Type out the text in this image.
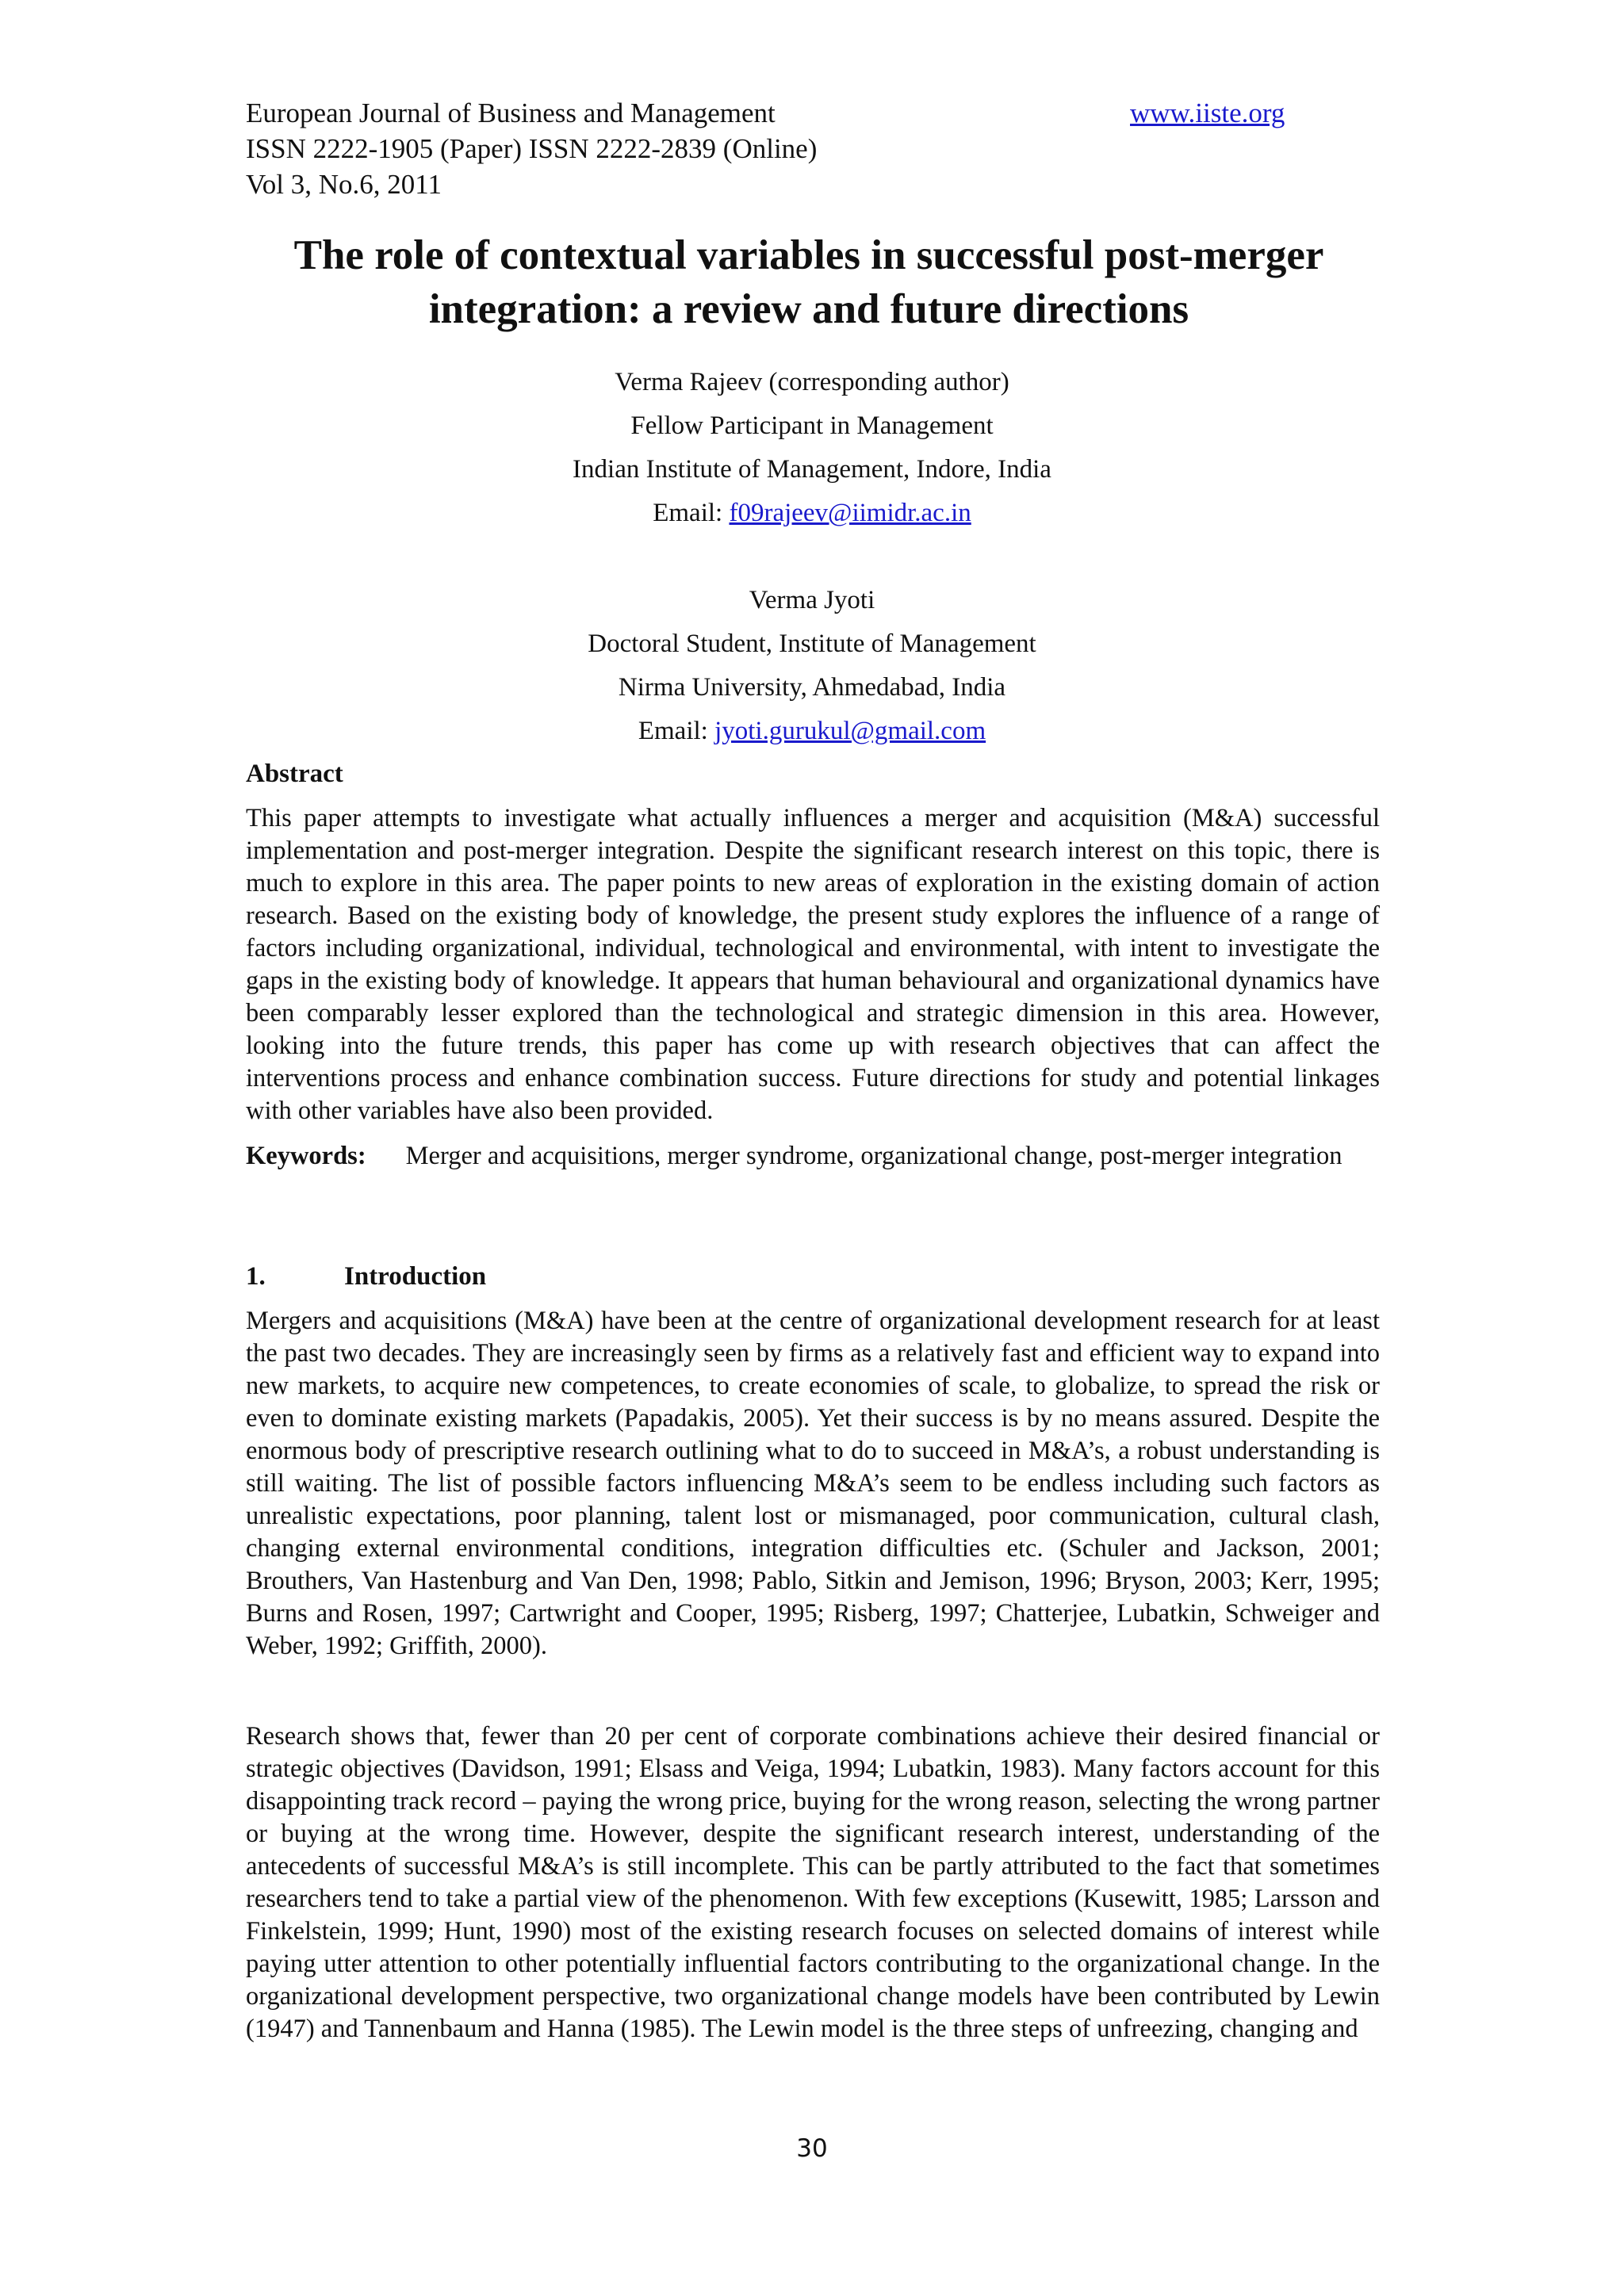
European Journal of Business and Management	www.iiste.org
ISSN 2222-1905 (Paper) ISSN 2222-2839 (Online)
Vol 3, No.6, 2011
The role of contextual variables in successful post-merger integration: a review and future directions
Verma Rajeev (corresponding author)
Fellow Participant in Management
Indian Institute of Management, Indore, India
Email: f09rajeev@iimidr.ac.in
Verma Jyoti
Doctoral Student, Institute of Management
Nirma University, Ahmedabad, India
Email: jyoti.gurukul@gmail.com
Abstract
This paper attempts to investigate what actually influences a merger and acquisition (M&A) successful implementation and post-merger integration. Despite the significant research interest on this topic, there is much to explore in this area. The paper points to new areas of exploration in the existing domain of action research. Based on the existing body of knowledge, the present study explores the influence of a range of factors including organizational, individual, technological and environmental, with intent to investigate the gaps in the existing body of knowledge. It appears that human behavioural and organizational dynamics have been comparably lesser explored than the technological and strategic dimension in this area. However, looking into the future trends, this paper has come up with research objectives that can affect the interventions process and enhance combination success. Future directions for study and potential linkages with other variables have also been provided.
Keywords: Merger and acquisitions, merger syndrome, organizational change, post-merger integration
1.	Introduction
Mergers and acquisitions (M&A) have been at the centre of organizational development research for at least the past two decades. They are increasingly seen by firms as a relatively fast and efficient way to expand into new markets, to acquire new competences, to create economies of scale, to globalize, to spread the risk or even to dominate existing markets (Papadakis, 2005). Yet their success is by no means assured. Despite the enormous body of prescriptive research outlining what to do to succeed in M&A’s, a robust understanding is still waiting. The list of possible factors influencing M&A’s seem to be endless including such factors as unrealistic expectations, poor planning, talent lost or mismanaged, poor communication, cultural clash, changing external environmental conditions, integration difficulties etc. (Schuler and Jackson, 2001; Brouthers, Van Hastenburg and Van Den, 1998; Pablo, Sitkin and Jemison, 1996; Bryson, 2003; Kerr, 1995; Burns and Rosen, 1997; Cartwright and Cooper, 1995; Risberg, 1997; Chatterjee, Lubatkin, Schweiger and Weber, 1992; Griffith, 2000).
Research shows that, fewer than 20 per cent of corporate combinations achieve their desired financial or strategic objectives (Davidson, 1991; Elsass and Veiga, 1994; Lubatkin, 1983). Many factors account for this disappointing track record – paying the wrong price, buying for the wrong reason, selecting the wrong partner or buying at the wrong time. However, despite the significant research interest, understanding of the antecedents of successful M&A’s is still incomplete. This can be partly attributed to the fact that sometimes researchers tend to take a partial view of the phenomenon. With few exceptions (Kusewitt, 1985; Larsson and Finkelstein, 1999; Hunt, 1990) most of the existing research focuses on selected domains of interest while paying utter attention to other potentially influential factors contributing to the organizational change. In the organizational development perspective, two organizational change models have been contributed by Lewin (1947) and Tannenbaum and Hanna (1985). The Lewin model is the three steps of unfreezing, changing and
30
